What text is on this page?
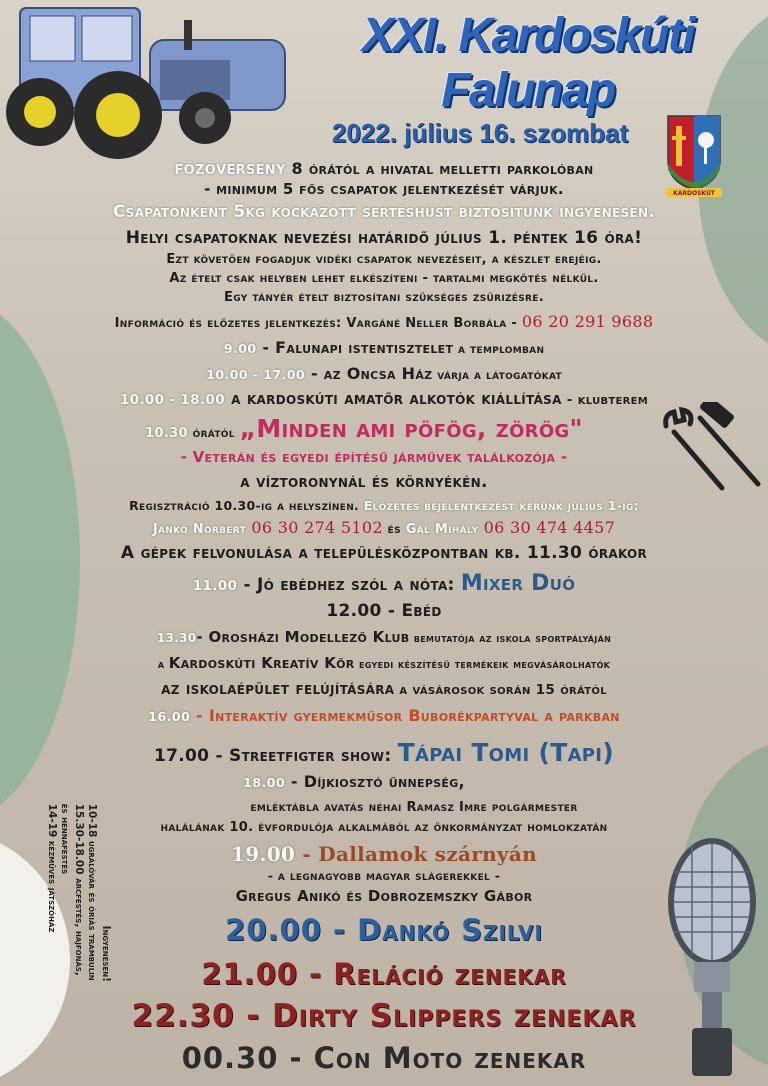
XXI. Kardoskúti Falunap
2022. július 16. szombat
KARDOSKÚT
Ingyenesen!
10-18 ugrálóvár és óriás trambulin
15.30-18.00 arcfestés, hajfonás,
és hennafestés
14-19 kézműves játszóház
főzőverseny 8 órától a hivatal melletti parkolóban
- minimum 5 fős csapatok jelentkezését várjuk.
Csapatonként 5kg kockázott sertéshúst biztosítunk ingyenesen.
Helyi csapatoknak nevezési határidő július 1. péntek 16 óra!
Ezt követően fogadjuk vidéki csapatok nevezéseit, a készlet erejéig.
Az ételt csak helyben lehet elkészíteni - tartalmi megkötés nélkül.
Egy tányér ételt biztosítani szükséges zsűrizésre.
Információ és előzetes jelentkezés: Vargáné Neller Borbála - 06 20 291 9688
9.00 - Falunapi istentisztelet a templomban
10.00 - 17.00 - az Oncsa Ház várja a látogatókat
10.00 - 18.00 a kardoskúti amatőr alkotók kiállítása - klubterem
10.30 órától „Minden ami pöfög, zörög"
- Veterán és egyedi építésű járművek találkozója -
a víztoronynál és környékén.
Regisztráció 10.30-ig a helyszínen. Előzetes bejelentkezést kérünk július 1-ig:
Jankó Norbert 06 30 274 5102 és Gál Mihály 06 30 474 4457
A gépek felvonulása a településközpontban kb. 11.30 órakor
11.00 - Jó ebédhez szól a nóta: Mixer Duó
12.00 - Ebéd
13.30- Orosházi Modellező Klub bemutatója az iskola sportpályáján
a Kardoskúti Kreatív Kör egyedi készítésű termékeik megvásárolhatók
az iskolaépület felújítására a vásárosok során 15 órától
16.00 - Interaktív gyermekműsor Buborékpartyval a parkban
17.00 - Streetfigter show: Tápai Tomi (Tapi)
18.00 - Díjkiosztó ünnepség,
emléktábla avatás néhai Ramasz Imre polgármester
halálának 10. évfordulója alkalmából az önkormányzat homlokzatán
19.00 - Dallamok szárnyán
- a legnagyobb magyar slágerekkel -
Gregus Anikó és Dobrozemszky Gábor
20.00 - Dankó Szilvi
21.00 - Reláció zenekar
22.30 - Dirty Slippers zenekar
00.30 - Con Moto zenekar
